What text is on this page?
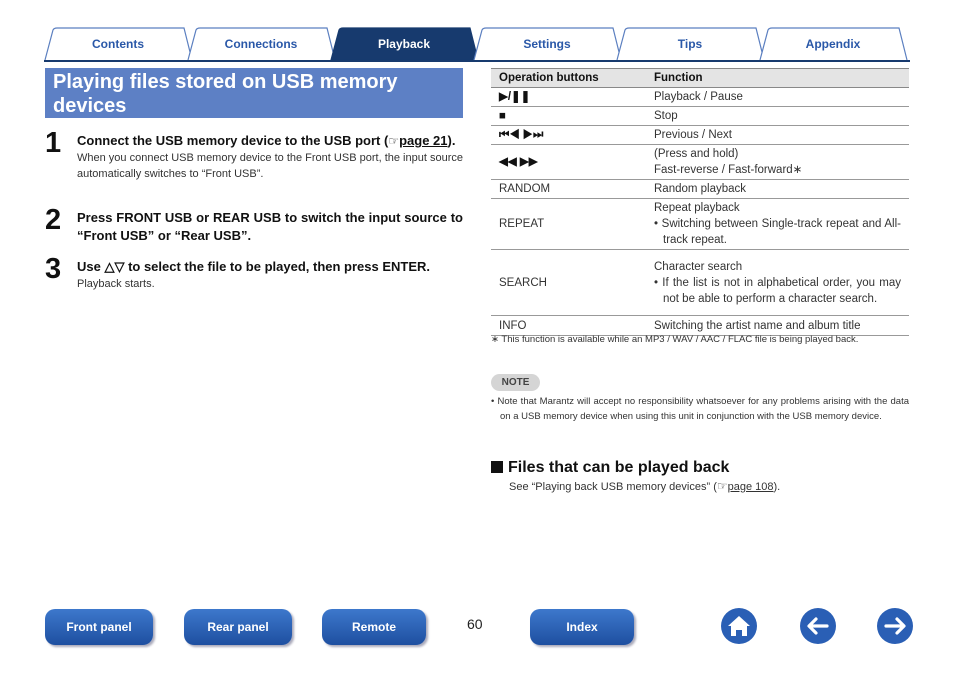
Contents	Connections	Playback	Settings	Tips	Appendix
Playing files stored on USB memory devices
1 Connect the USB memory device to the USB port (☞page 21).
When you connect USB memory device to the Front USB port, the input source automatically switches to “Front USB”.
2 Press FRONT USB or REAR USB to switch the input source to “Front USB” or “Rear USB”.
3 Use △▽ to select the file to be played, then press ENTER.
Playback starts.
Operation buttons	Function
▶/❚❚	Playback / Pause
■	Stop
⏮◀ ▶⏭	Previous / Next
◀◀ ▶▶	(Press and hold)
Fast-reverse / Fast-forward∗

RANDOM	Random playback
REPEAT	Repeat playback
• Switching between Single-track repeat and All-track repeat.

SEARCH	Character search
• If the list is not in alphabetical order, you may not be able to perform a character search.

INFO	Switching the artist name and album title
∗ This function is available while an MP3 / WAV / AAC / FLAC file is being played back.
NOTE
• Note that Marantz will accept no responsibility whatsoever for any problems arising with the data on a USB memory device when using this unit in conjunction with the USB memory device.
Files that can be played back
See “Playing back USB memory devices” (☞page 108).
Front panel	Rear panel	Remote	60	Index
